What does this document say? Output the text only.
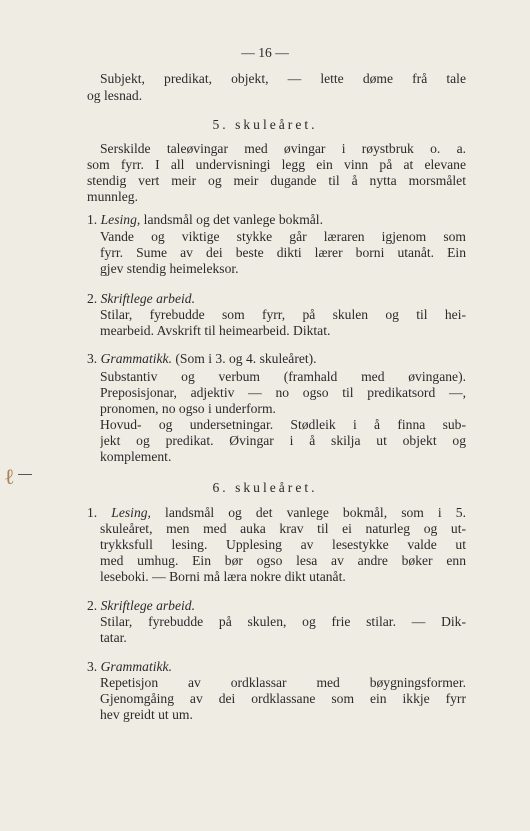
— 16 —
Subjekt, predikat, objekt, — lette døme frå tale
og lesnad.
5. skuleåret.
Serskilde taleøvingar med øvingar i røystbruk o. a.
som fyrr. I all undervisningi legg ein vinn på at elevane
stendig vert meir og meir dugande til å nytta morsmålet
munnleg.
1. Lesing, landsmål og det vanlege bokmål.
Vande og viktige stykke går læraren igjenom som
fyrr. Sume av dei beste dikti lærer borni utanåt. Ein
gjev stendig heimeleksor.
2. Skriftlege arbeid.
Stilar, fyrebudde som fyrr, på skulen og til hei-
mearbeid. Avskrift til heimearbeid. Diktat.
3. Grammatikk. (Som i 3. og 4. skuleåret).
Substantiv og verbum (framhald med øvingane).
Preposisjonar, adjektiv — no ogso til predikatsord —,
pronomen, no ogso i underform.
Hovud- og undersetningar. Stødleik i å finna sub-
jekt og predikat. Øvingar i å skilja ut objekt og
komplement.
ℓ	6. skuleåret.
1. Lesing, landsmål og det vanlege bokmål, som i 5.
skuleåret, men med auka krav til ei naturleg og ut-
trykksfull lesing. Upplesing av lesestykke valde ut
med umhug. Ein bør ogso lesa av andre bøker enn
leseboki. — Borni må læra nokre dikt utanåt.
2. Skriftlege arbeid.
Stilar, fyrebudde på skulen, og frie stilar. — Dik-
tatar.
3. Grammatikk.
Repetisjon av ordklassar med bøygningsformer.
Gjenomgåing av dei ordklassane som ein ikkje fyrr
hev greidt ut um.
